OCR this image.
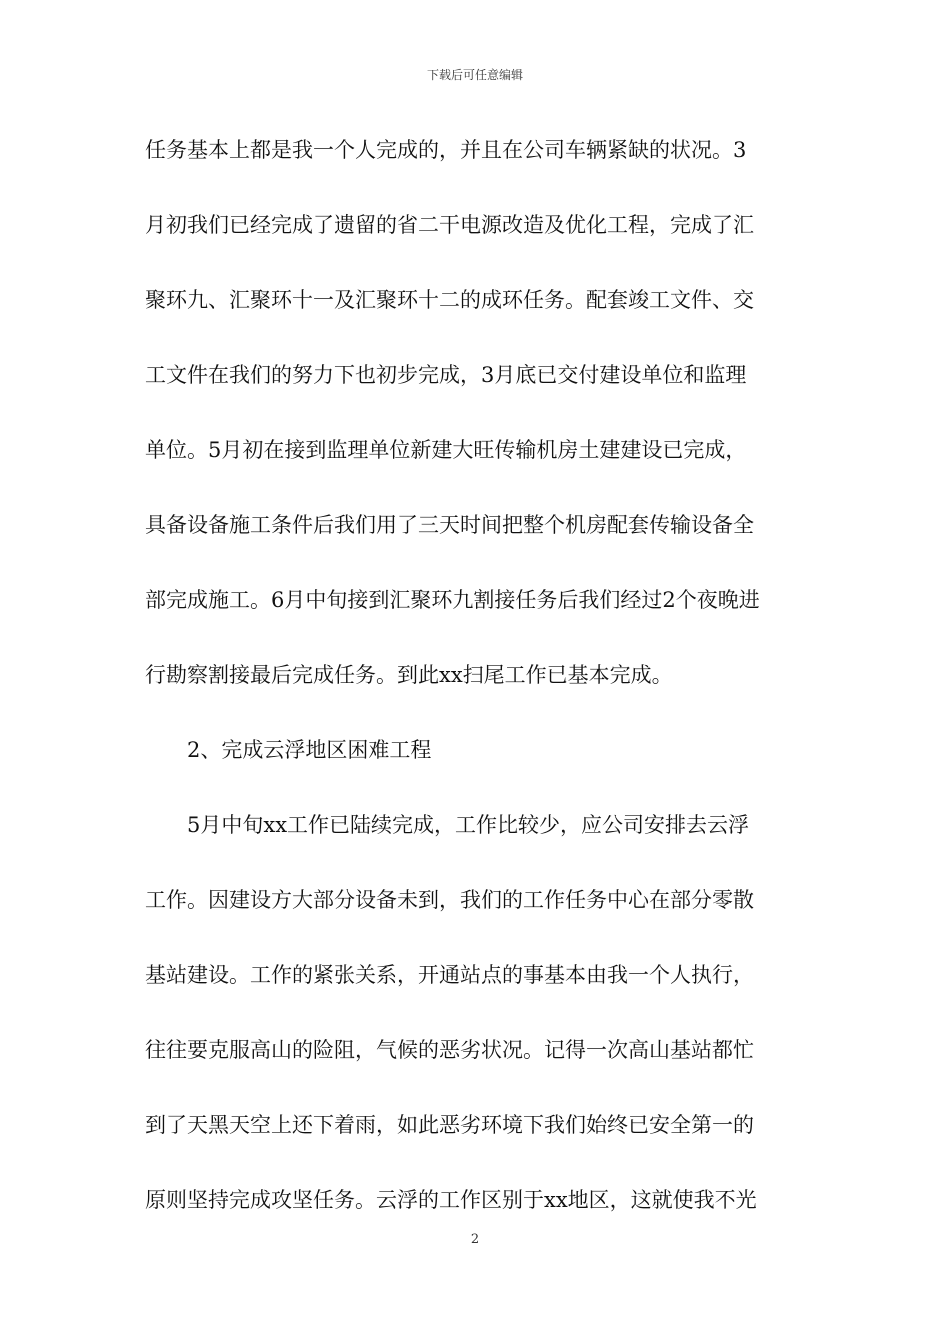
下载后可任意编辑
任务基本上都是我一个人完成的，并且在公司车辆紧缺的状况。3
月初我们已经完成了遗留的省二干电源改造及优化工程，完成了汇
聚环九、汇聚环十一及汇聚环十二的成环任务。配套竣工文件、交
工文件在我们的努力下也初步完成，3月底已交付建设单位和监理
单位。5月初在接到监理单位新建大旺传输机房土建建设已完成，
具备设备施工条件后我们用了三天时间把整个机房配套传输设备全
部完成施工。6月中旬接到汇聚环九割接任务后我们经过2个夜晚进
行勘察割接最后完成任务。到此xx扫尾工作已基本完成。
2、完成云浮地区困难工程
5月中旬xx工作已陆续完成，工作比较少，应公司安排去云浮
工作。因建设方大部分设备未到，我们的工作任务中心在部分零散
基站建设。工作的紧张关系，开通站点的事基本由我一个人执行，
往往要克服高山的险阻，气候的恶劣状况。记得一次高山基站都忙
到了天黑天空上还下着雨，如此恶劣环境下我们始终已安全第一的
原则坚持完成攻坚任务。云浮的工作区别于xx地区，这就使我不光
2
